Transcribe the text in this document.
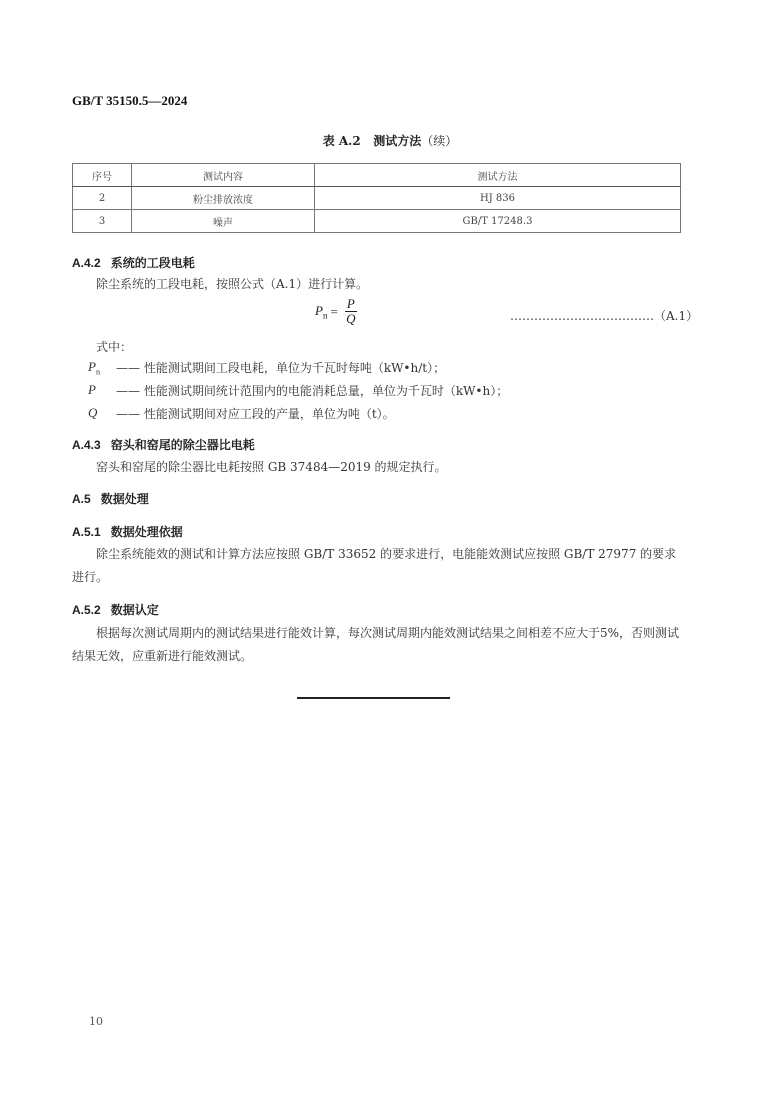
GB/T 35150.5—2024
表 A.2 测试方法（续）
序号	测试内容	测试方法
2	粉尘排放浓度	HJ 836
3	噪声	GB/T 17248.3
A.4.2 系统的工段电耗
除尘系统的工段电耗，按照公式（A.1）进行计算。
$P_n = \frac{P}{Q}$	………………………………（A.1）
式中：
$P_n$	—— 性能测试期间工段电耗，单位为千瓦时每吨（kW•h/t）；
P	—— 性能测试期间统计范围内的电能消耗总量，单位为千瓦时（kW•h）；
Q	—— 性能测试期间对应工段的产量，单位为吨（t）。
A.4.3 窑头和窑尾的除尘器比电耗
窑头和窑尾的除尘器比电耗按照 GB 37484—2019 的规定执行。
A.5 数据处理
A.5.1 数据处理依据
除尘系统能效的测试和计算方法应按照 GB/T 33652 的要求进行，电能能效测试应按照 GB/T 27977 的要求进行。
A.5.2 数据认定
根据每次测试周期内的测试结果进行能效计算，每次测试周期内能效测试结果之间相差不应大于5%，否则测试结果无效，应重新进行能效测试。
10
